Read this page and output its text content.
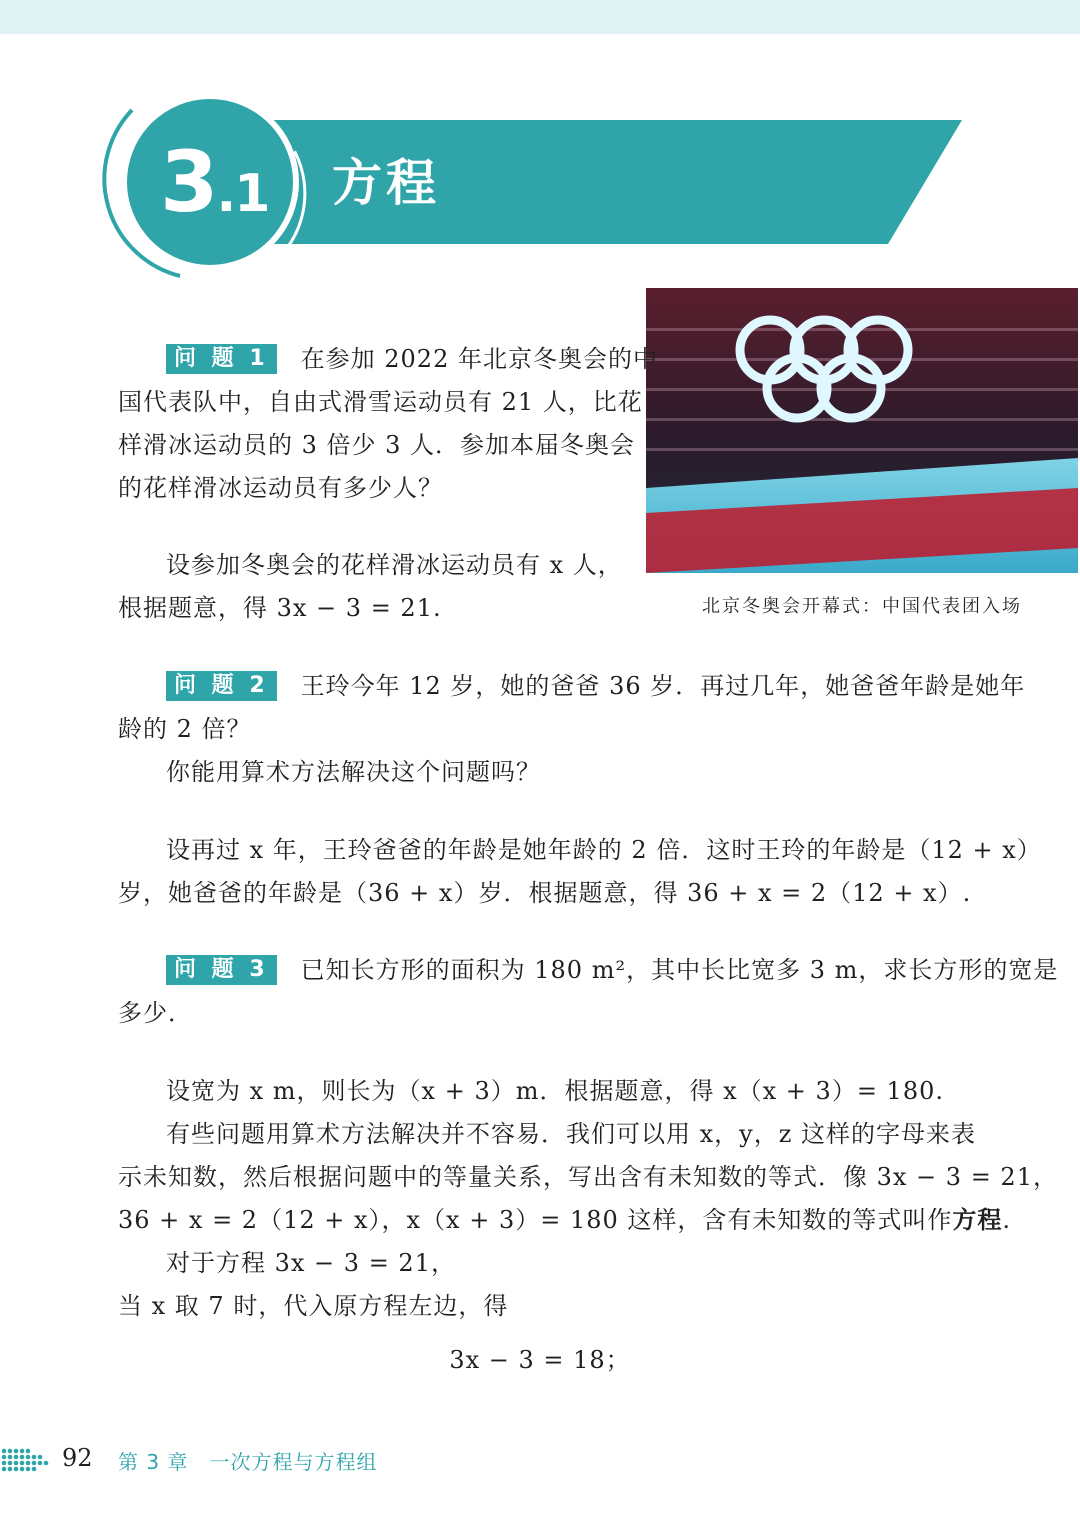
3.1 方程
北京冬奥会开幕式：中国代表团入场

问 题 1 在参加 2022 年北京冬奥会的中

国代表队中，自由式滑雪运动员有 21 人，比花

样滑冰运动员的 3 倍少 3 人．参加本届冬奥会

的花样滑冰运动员有多少人？

设参加冬奥会的花样滑冰运动员有 x 人，

根据题意，得 3x − 3 = 21.

问 题 2 王玲今年 12 岁，她的爸爸 36 岁．再过几年，她爸爸年龄是她年

龄的 2 倍？

你能用算术方法解决这个问题吗？

设再过 x 年，王玲爸爸的年龄是她年龄的 2 倍．这时王玲的年龄是（12 + x）

岁，她爸爸的年龄是（36 + x）岁．根据题意，得 36 + x = 2（12 + x）.

问 题 3 已知长方形的面积为 180 m²，其中长比宽多 3 m，求长方形的宽是

多少．

设宽为 x m，则长为（x + 3）m．根据题意，得 x（x + 3）= 180.

有些问题用算术方法解决并不容易．我们可以用 x，y，z 这样的字母来表

示未知数，然后根据问题中的等量关系，写出含有未知数的等式．像 3x − 3 = 21，

36 + x = 2（12 + x），x（x + 3）= 180 这样，含有未知数的等式叫作方程.

对于方程 3x − 3 = 21，

当 x 取 7 时，代入原方程左边，得

3x − 3 = 18；
92 第 3 章　一次方程与方程组
